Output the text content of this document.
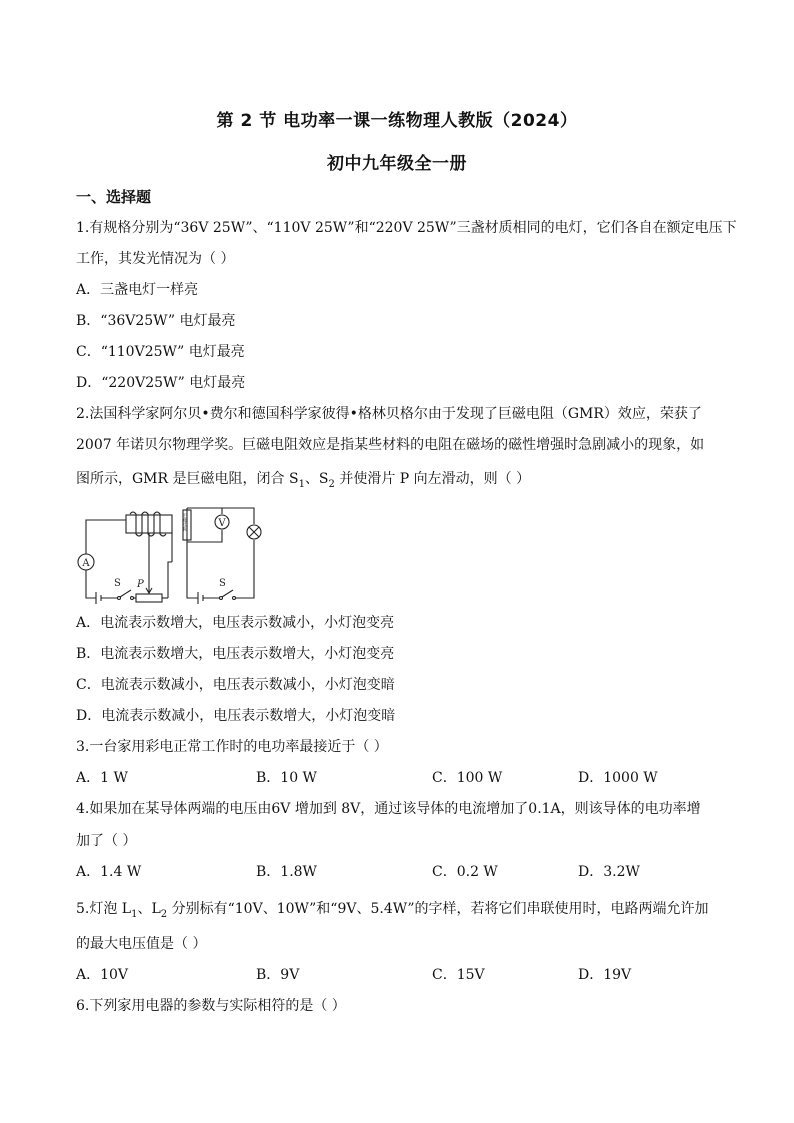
第 2 节 电功率一课一练物理人教版（2024）
初中九年级全一册
一、选择题
1.有规格分别为“36V 25W”、“110V 25W”和“220V 25W”三盏材质相同的电灯，它们各自在额定电压下
工作，其发光情况为（ ）
A．三盏电灯一样亮
B．“36V25W” 电灯最亮
C．“110V25W” 电灯最亮
D．“220V25W” 电灯最亮
2.法国科学家阿尔贝•费尔和德国科学家彼得•格林贝格尔由于发现了巨磁电阻（GMR）效应，荣获了
2007 年诺贝尔物理学奖。巨磁电阻效应是指某些材料的电阻在磁场的磁性增强时急剧减小的现象，如
图所示，GMR 是巨磁电阻，闭合 $S_1$、$S_2$ 并使滑片 P 向左滑动，则（ ）
A
V
S P	S
巨磁电阻
A．电流表示数增大，电压表示数减小，小灯泡变亮
B．电流表示数增大，电压表示数增大，小灯泡变亮
C．电流表示数减小，电压表示数减小，小灯泡变暗
D．电流表示数减小，电压表示数增大，小灯泡变暗
3.一台家用彩电正常工作时的电功率最接近于（ ）
A．1 W	B．10 W	C．100 W	D．1000 W
4.如果加在某导体两端的电压由6V 增加到 8V，通过该导体的电流增加了0.1A，则该导体的电功率增
加了（ ）
A．1.4 W	B．1.8W	C．0.2 W	D．3.2W
5.灯泡 $L_1$、$L_2$ 分别标有“10V、10W”和“9V、5.4W”的字样，若将它们串联使用时，电路两端允许加
的最大电压值是（ ）
A．10V	B．9V	C．15V	D．19V
6.下列家用电器的参数与实际相符的是（ ）
